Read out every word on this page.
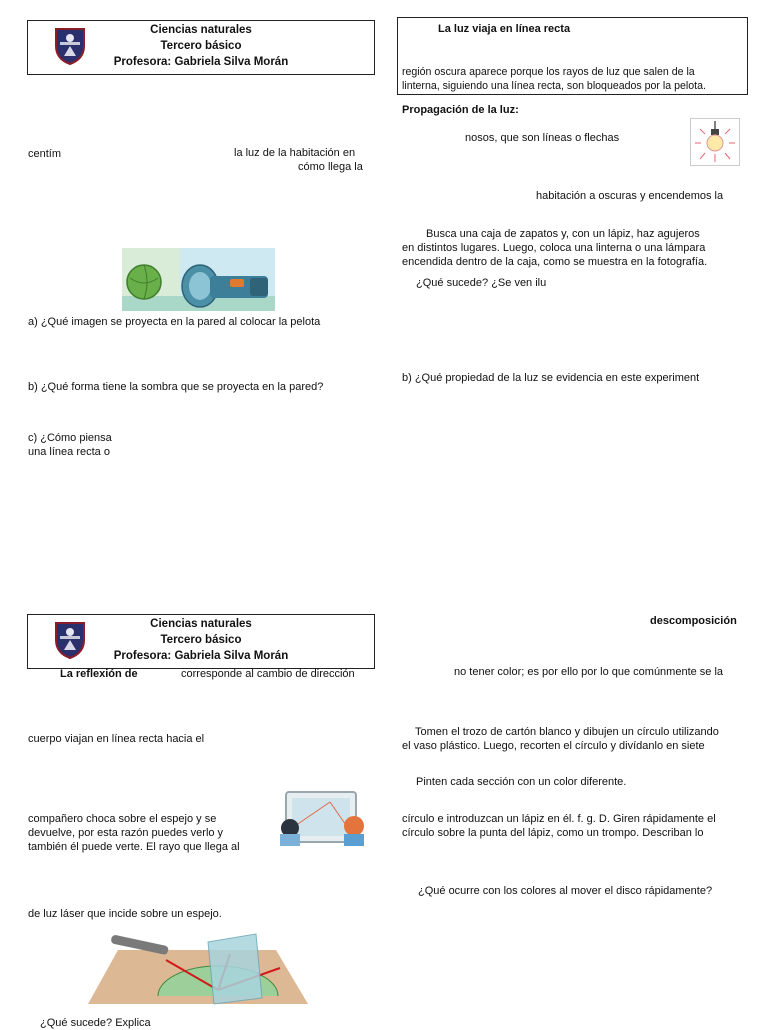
Ciencias naturales
Tercero básico
Profesora: Gabriela Silva Morán
La luz viaja en línea recta
región oscura aparece porque los rayos de luz que salen de la
linterna, siguiendo una línea recta, son bloqueados por la pelota.
Propagación de la luz:
nosos, que son líneas o flechas
habitación a oscuras y encendemos la
Busca una caja de zapatos y, con un lápiz, haz agujeros
en distintos lugares. Luego, coloca una linterna o una lámpara
encendida dentro de la caja, como se muestra en la fotografía.
¿Qué sucede? ¿Se ven ilu
b) ¿Qué propiedad de la luz se evidencia en este experiment
centím	la luz de la habitación en
cómo llega la
a) ¿Qué imagen se proyecta en la pared al colocar la pelota
b) ¿Qué forma tiene la sombra que se proyecta en la pared?
c) ¿Cómo piensa
una línea recta o
Ciencias naturales
Tercero básico
Profesora: Gabriela Silva Morán
La reflexión de	corresponde al cambio de dirección
cuerpo viajan en línea recta hacia el
compañero choca sobre el espejo y se
devuelve, por esta razón puedes verlo y
también él puede verte. El rayo que llega al
de luz láser que incide sobre un espejo.
¿Qué sucede? Explica
descomposición
no tener color; es por ello por lo que comúnmente se la
Tomen el trozo de cartón blanco y dibujen un círculo utilizando
el vaso plástico. Luego, recorten el círculo y divídanlo en siete
Pinten cada sección con un color diferente.
círculo e introduzcan un lápiz en él. f. g. D. Giren rápidamente el
círculo sobre la punta del lápiz, como un trompo. Describan lo
¿Qué ocurre con los colores al mover el disco rápidamente?
